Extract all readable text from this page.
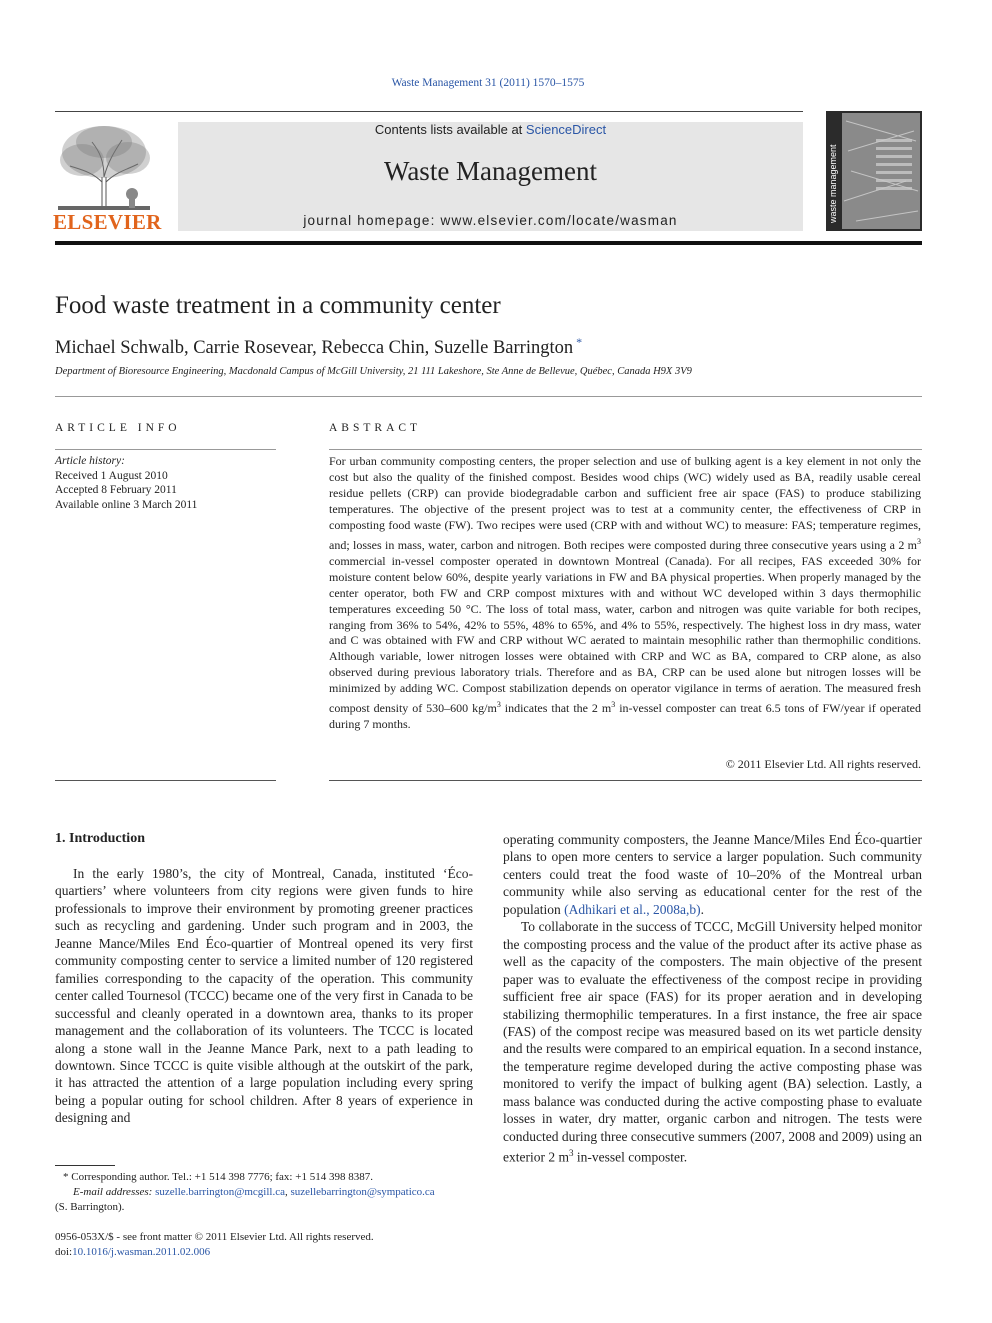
Waste Management 31 (2011) 1570–1575
ELSEVIER
Contents lists available at ScienceDirect
Waste Management
journal homepage: www.elsevier.com/locate/wasman	waste management
Food waste treatment in a community center
Michael Schwalb, Carrie Rosevear, Rebecca Chin, Suzelle Barrington *
Department of Bioresource Engineering, Macdonald Campus of McGill University, 21 111 Lakeshore, Ste Anne de Bellevue, Québec, Canada H9X 3V9
ARTICLE INFO
Article history:
Received 1 August 2010
Accepted 8 February 2011
Available online 3 March 2011
ABSTRACT
For urban community composting centers, the proper selection and use of bulking agent is a key element in not only the cost but also the quality of the finished compost. Besides wood chips (WC) widely used as BA, readily usable cereal residue pellets (CRP) can provide biodegradable carbon and sufficient free air space (FAS) to produce stabilizing temperatures. The objective of the present project was to test at a community center, the effectiveness of CRP in composting food waste (FW). Two recipes were used (CRP with and without WC) to measure: FAS; temperature regimes, and; losses in mass, water, carbon and nitrogen. Both recipes were composted during three consecutive years using a 2 $m^3$ commercial in-vessel composter operated in downtown Montreal (Canada). For all recipes, FAS exceeded 30% for moisture content below 60%, despite yearly variations in FW and BA physical properties. When properly managed by the center operator, both FW and CRP compost mixtures with and without WC developed within 3 days thermophilic temperatures exceeding 50 °C. The loss of total mass, water, carbon and nitrogen was quite variable for both recipes, ranging from 36% to 54%, 42% to 55%, 48% to 65%, and 4% to 55%, respectively. The highest loss in dry mass, water and C was obtained with FW and CRP without WC aerated to maintain mesophilic rather than thermophilic conditions. Although variable, lower nitrogen losses were obtained with CRP and WC as BA, compared to CRP alone, as also observed during previous laboratory trials. Therefore and as BA, CRP can be used alone but nitrogen losses will be minimized by adding WC. Compost stabilization depends on operator vigilance in terms of aeration. The measured fresh compost density of 530–600 $kg/m^3$ indicates that the 2 $m^3$ in-vessel composter can treat 6.5 tons of FW/year if operated during 7 months.
© 2011 Elsevier Ltd. All rights reserved.
1. Introduction

In the early 1980’s, the city of Montreal, Canada, instituted ‘Éco-quartiers’ where volunteers from city regions were given funds to hire professionals to improve their environment by promoting greener practices such as recycling and gardening. Under such program and in 2003, the Jeanne Mance/Miles End Éco-quartier of Montreal opened its very first community composting center to service a limited number of 120 registered families corresponding to the capacity of the operation. This community center called Tournesol (TCCC) became one of the very first in Canada to be successful and cleanly operated in a downtown area, thanks to its proper management and the collaboration of its volunteers. The TCCC is located along a stone wall in the Jeanne Mance Park, next to a path leading to downtown. Since TCCC is quite visible although at the outskirt of the park, it has attracted the attention of a large population including every spring being a popular outing for school children. After 8 years of experience in designing and

operating community composters, the Jeanne Mance/Miles End Éco-quartier plans to open more centers to service a larger population. Such community centers could treat the food waste of 10–20% of the Montreal urban community while also serving as educational center for the rest of the population (Adhikari et al., 2008a,b).

To collaborate in the success of TCCC, McGill University helped monitor the composting process and the value of the product after its active phase as well as the capacity of the composters. The main objective of the present paper was to evaluate the effectiveness of the compost recipe in providing sufficient free air space (FAS) for its proper aeration and in developing stabilizing thermophilic temperatures. In a first instance, the free air space (FAS) of the compost recipe was measured based on its wet particle density and the results were compared to an empirical equation. In a second instance, the temperature regime developed during the active composting phase was monitored to verify the impact of bulking agent (BA) selection. Lastly, a mass balance was conducted during the active composting phase to evaluate losses in water, dry matter, organic carbon and nitrogen. The tests were conducted during three consecutive summers (2007, 2008 and 2009) using an exterior 2 $m^3$ in-vessel composter.

* Corresponding author. Tel.: +1 514 398 7776; fax: +1 514 398 8387.
E-mail addresses: suzelle.barrington@mcgill.ca, suzellebarrington@sympatico.ca
(S. Barrington).
0956-053X/$ - see front matter © 2011 Elsevier Ltd. All rights reserved.
doi:10.1016/j.wasman.2011.02.006
